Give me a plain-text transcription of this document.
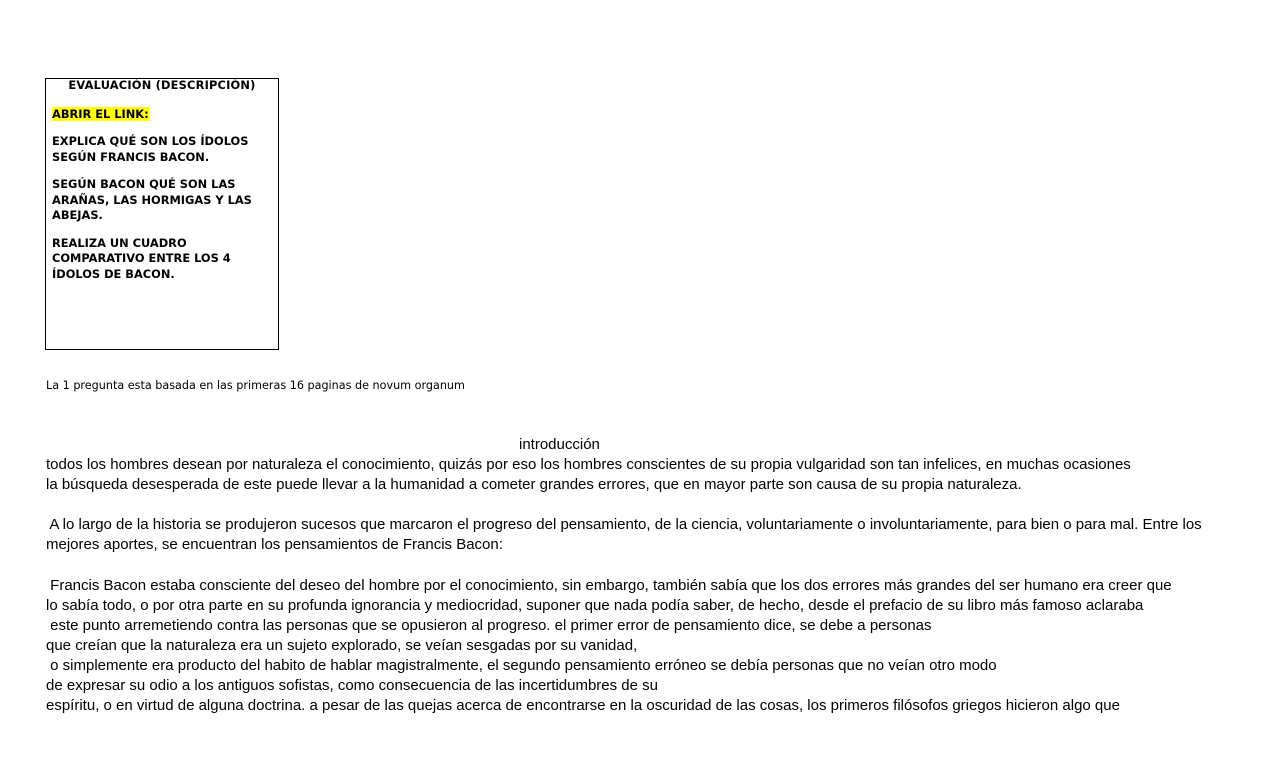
EVALUACIÓN (DESCRIPCIÓN)
ABRIR EL LINK:
EXPLICA QUÉ SON LOS ÍDOLOS SEGÚN FRANCIS BACON.
SEGÚN BACON QUÉ SON LAS ARAÑAS, LAS HORMIGAS Y LAS ABEJAS.
REALIZA UN CUADRO COMPARATIVO ENTRE LOS 4 ÍDOLOS DE BACON.
La 1 pregunta esta basada en las primeras 16 paginas de novum organum
introducción
todos los hombres desean por naturaleza el conocimiento, quizás por eso los hombres conscientes de su propia vulgaridad son tan infelices, en muchas ocasiones
la búsqueda desesperada de este puede llevar a la humanidad a cometer grandes errores, que en mayor parte son causa de su propia naturaleza.
A lo largo de la historia se produjeron sucesos que marcaron el progreso del pensamiento, de la ciencia, voluntariamente o involuntariamente, para bien o para mal. Entre los
mejores aportes, se encuentran los pensamientos de Francis Bacon:
Francis Bacon estaba consciente del deseo del hombre por el conocimiento, sin embargo, también sabía que los dos errores más grandes del ser humano era creer que
lo sabía todo, o por otra parte en su profunda ignorancia y mediocridad, suponer que nada podía saber, de hecho, desde el prefacio de su libro más famoso aclaraba
este punto arremetiendo contra las personas que se opusieron al progreso. el primer error de pensamiento dice, se debe a personas
que creían que la naturaleza era un sujeto explorado, se veían sesgadas por su vanidad,
o simplemente era producto del habito de hablar magistralmente, el segundo pensamiento erróneo se debía personas que no veían otro modo
de expresar su odio a los antiguos sofistas, como consecuencia de las incertidumbres de su
espíritu, o en virtud de alguna doctrina. a pesar de las quejas acerca de encontrarse en la oscuridad de las cosas, los primeros filósofos griegos hicieron algo que
